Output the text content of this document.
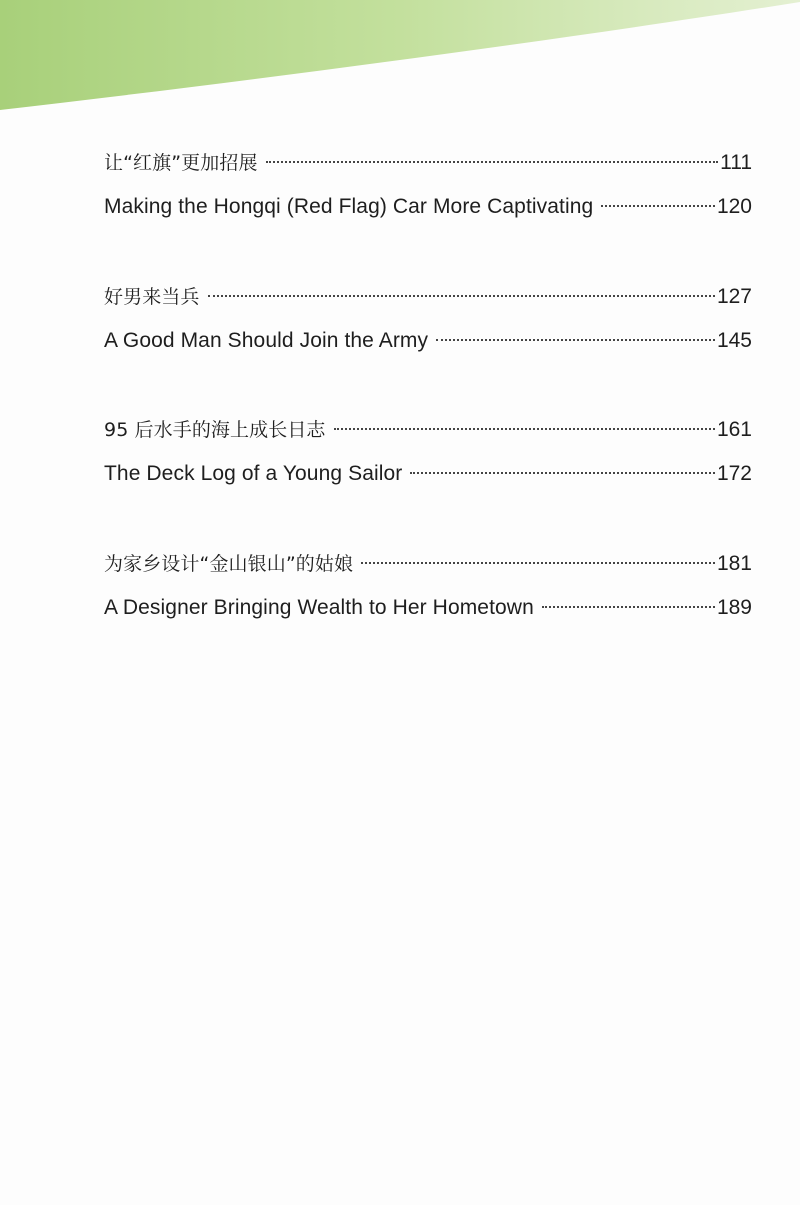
让“红旗”更加招展	111
Making the Hongqi (Red Flag) Car More Captivating	120
好男来当兵	127
A Good Man Should Join the Army	145
95 后水手的海上成长日志	161
The Deck Log of a Young Sailor	172
为家乡设计“金山银山”的姑娘	181
A Designer Bringing Wealth to Her Hometown	189
